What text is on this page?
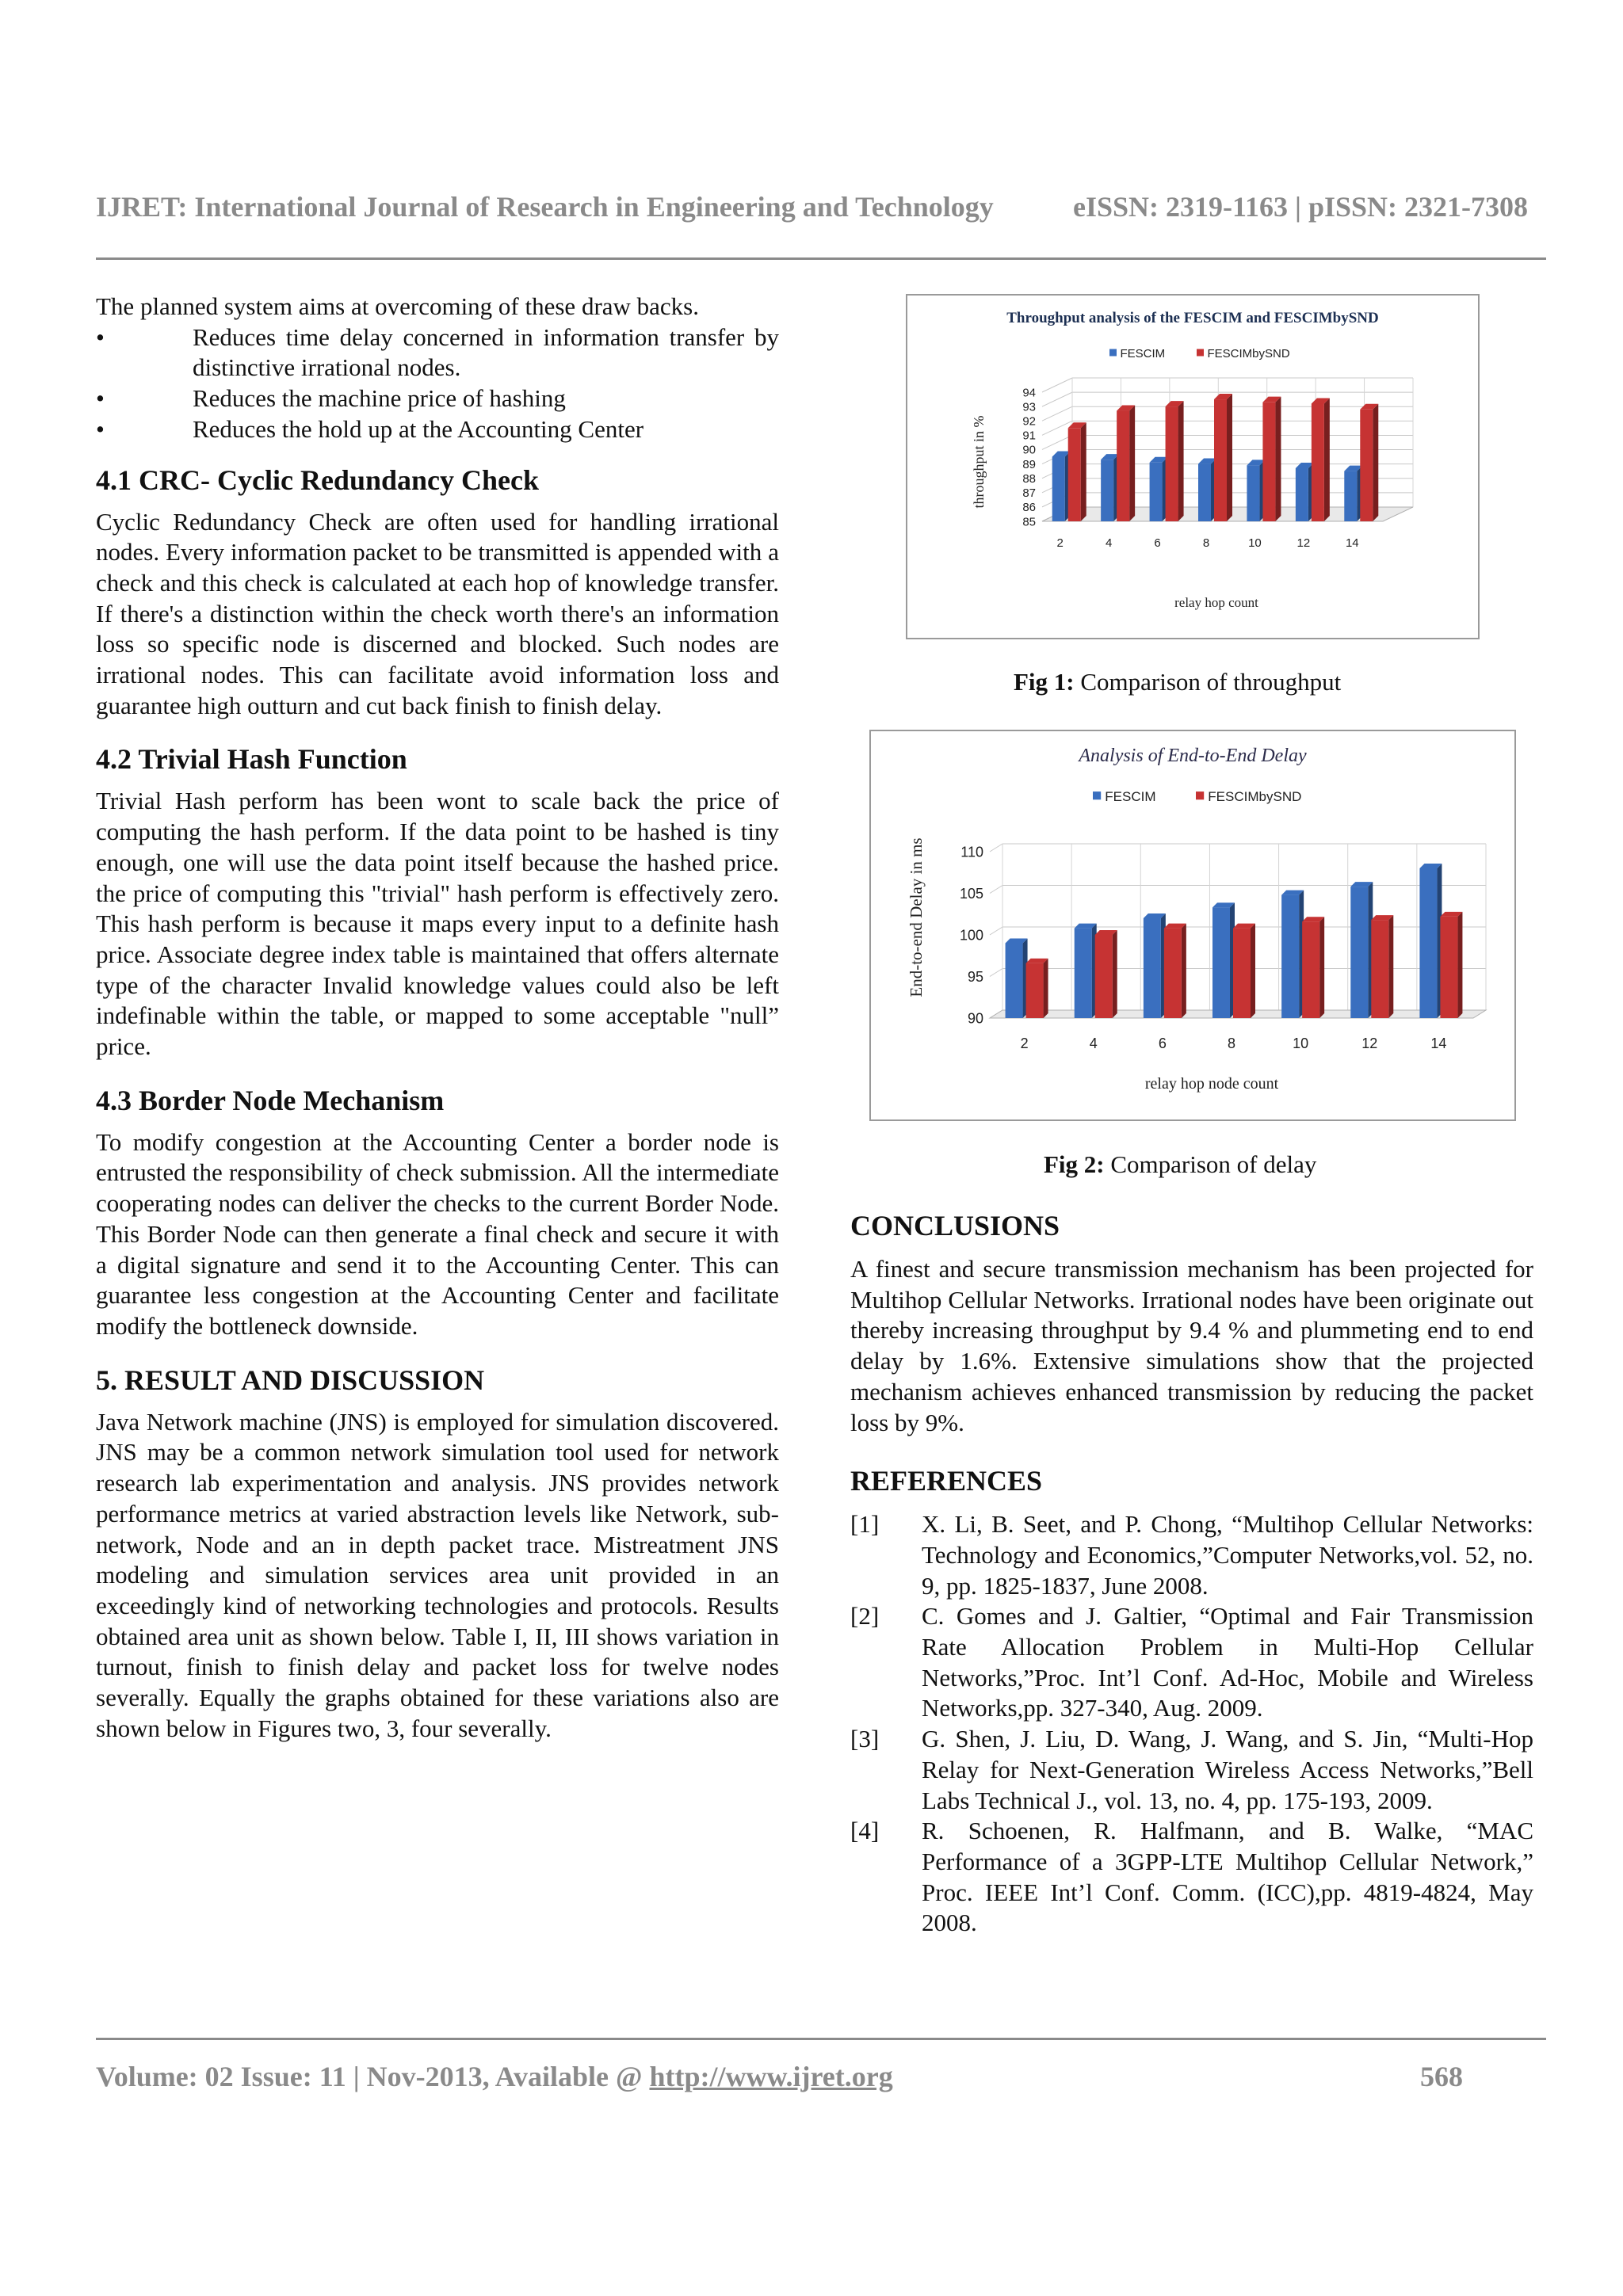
IJRET: International Journal of Research in Engineering and Technology	eISSN: 2319-1163 | pISSN: 2321-7308

The planned system aims at overcoming of these draw backs.

•	Reduces time delay concerned in information transfer by distinctive irrational nodes.
•	Reduces the machine price of hashing
•	Reduces the hold up at the Accounting Center
4.1 CRC- Cyclic Redundancy Check

Cyclic Redundancy Check are often used for handling irrational nodes. Every information packet to be transmitted is appended with a check and this check is calculated at each hop of knowledge transfer. If there's a distinction within the check worth there's an information loss so specific node is discerned and blocked. Such nodes are irrational nodes. This can facilitate avoid information loss and guarantee high outturn and cut back finish to finish delay.

4.2 Trivial Hash Function

Trivial Hash perform has been wont to scale back the price of computing the hash perform. If the data point to be hashed is tiny enough, one will use the data point itself because the hashed price. the price of computing this "trivial" hash perform is effectively zero. This hash perform is because it maps every input to a definite hash price. Associate degree index table is maintained that offers alternate type of the character Invalid knowledge values could also be left indefinable within the table, or mapped to some acceptable "null” price.

4.3 Border Node Mechanism

To modify congestion at the Accounting Center a border node is entrusted the responsibility of check submission. All the intermediate cooperating nodes can deliver the checks to the current Border Node. This Border Node can then generate a final check and secure it with a digital signature and send it to the Accounting Center. This can guarantee less congestion at the Accounting Center and facilitate modify the bottleneck downside.

5. RESULT AND DISCUSSION

Java Network machine (JNS) is employed for simulation discovered. JNS may be a common network simulation tool used for network research lab experimentation and analysis. JNS provides network performance metrics at varied abstraction levels like Network, sub-network, Node and an in depth packet trace. Mistreatment JNS modeling and simulation services area unit provided in an exceedingly kind of networking technologies and protocols. Results obtained area unit as shown below. Table I, II, III shows variation in turnout, finish to finish delay and packet loss for twelve nodes severally. Equally the graphs obtained for these variations also are shown below in Figures two, 3, four severally.

Throughput analysis of the FESCIM and FESCIMbySND
FESCIM	FESCIMbySND
85
86
87
88
89
90
91
92
93
94
2	4	6	8	10	12	14
throughput in %
relay hop count
Fig 1: Comparison of throughput
Analysis of End-to-End Delay
FESCIM	FESCIMbySND
90
95
100
105
110
2	4	6	8	10	12	14
End-to-end Delay in ms
relay hop node count
Fig 2: Comparison of delay
CONCLUSIONS

A finest and secure transmission mechanism has been projected for Multihop Cellular Networks. Irrational nodes have been originate out thereby increasing throughput by 9.4 % and plummeting end to end delay by 1.6%. Extensive simulations show that the projected mechanism achieves enhanced transmission by reducing the packet loss by 9%.

REFERENCES
[1] X. Li, B. Seet, and P. Chong, “Multihop Cellular Networks: Technology and Economics,”Computer Networks,vol. 52, no. 9, pp. 1825-1837, June 2008.
[2] C. Gomes and J. Galtier, “Optimal and Fair Transmission Rate Allocation Problem in Multi-Hop Cellular Networks,”Proc. Int’l Conf. Ad-Hoc, Mobile and Wireless Networks,pp. 327-340, Aug. 2009.
[3] G. Shen, J. Liu, D. Wang, J. Wang, and S. Jin, “Multi-Hop Relay for Next-Generation Wireless Access Networks,”Bell Labs Technical J., vol. 13, no. 4, pp. 175-193, 2009.
[4] R. Schoenen, R. Halfmann, and B. Walke, “MAC Performance of a 3GPP-LTE Multihop Cellular Network,” Proc. IEEE Int’l Conf. Comm. (ICC),pp. 4819-4824, May 2008.
Volume: 02 Issue: 11 | Nov-2013, Available @ http://www.ijret.org	568
